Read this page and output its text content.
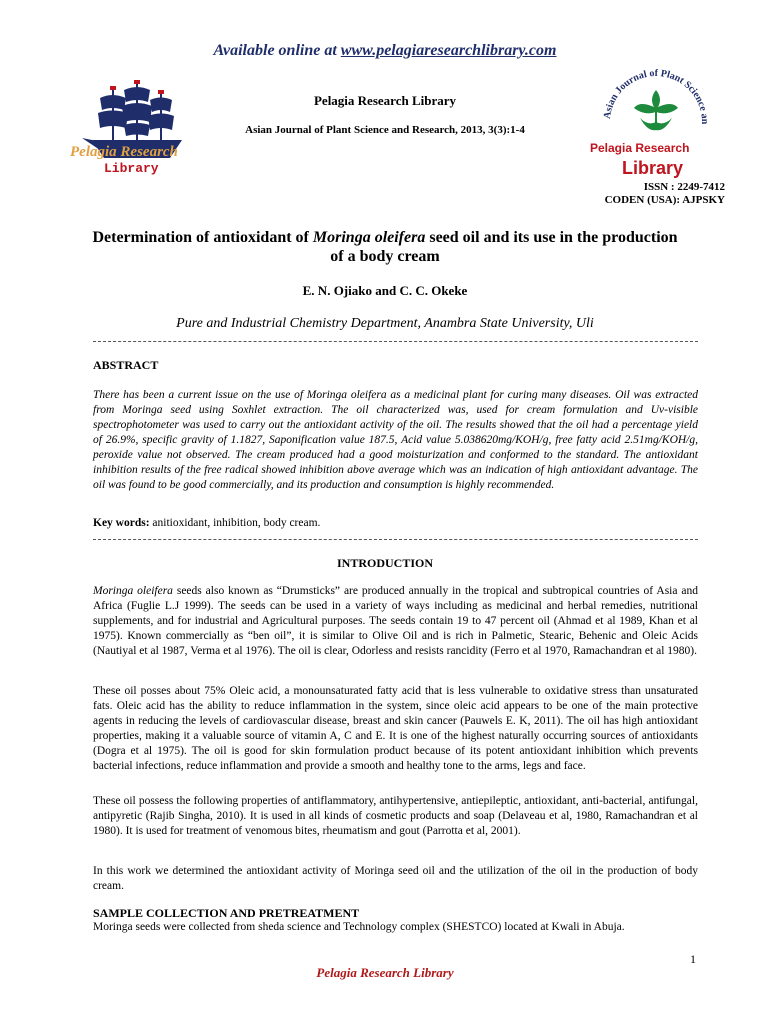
Available online at www.pelagiaresearchlibrary.com
Pelagia Research
Library
Pelagia Research Library
Asian Journal of Plant Science and Research, 2013, 3(3):1-4
Asian Journal of Plant Science an
Pelagia Research
Library
ISSN : 2249-7412
CODEN (USA): AJPSKY
Determination of antioxidant of Moringa oleifera seed oil and its use in the production of a body cream
E. N. Ojiako and C. C. Okeke
Pure and Industrial Chemistry Department, Anambra State University, Uli
ABSTRACT
There has been a current issue on the use of Moringa oleifera as a medicinal plant for curing many diseases. Oil was extracted from Moringa seed using Soxhlet extraction. The oil characterized was, used for cream formulation and Uv-visible spectrophotometer was used to carry out the antioxidant activity of the oil. The results showed that the oil had a percentage yield of 26.9%, specific gravity of 1.1827, Saponification value 187.5, Acid value 5.038620mg/KOH/g, free fatty acid 2.51mg/KOH/g, peroxide value not observed. The cream produced had a good moisturization and conformed to the standard. The antioxidant inhibition results of the free radical showed inhibition above average which was an indication of high antioxidant advantage. The oil was found to be good commercially, and its production and consumption is highly recommended.
Key words: anitioxidant, inhibition, body cream.
INTRODUCTION
Moringa oleifera seeds also known as “Drumsticks” are produced annually in the tropical and subtropical countries of Asia and Africa (Fuglie L.J 1999). The seeds can be used in a variety of ways including as medicinal and herbal remedies, nutritional supplements, and for industrial and Agricultural purposes. The seeds contain 19 to 47 percent oil (Ahmad et al 1989, Khan et al 1975). Known commercially as “ben oil”, it is similar to Olive Oil and is rich in Palmetic, Stearic, Behenic and Oleic Acids (Nautiyal et al 1987, Verma et al 1976). The oil is clear, Odorless and resists rancidity (Ferro et al 1970, Ramachandran et al 1980).
These oil posses about 75% Oleic acid, a monounsaturated fatty acid that is less vulnerable to oxidative stress than unsaturated fats. Oleic acid has the ability to reduce inflammation in the system, since oleic acid appears to be one of the main protective agents in reducing the levels of cardiovascular disease, breast and skin cancer (Pauwels E. K, 2011). The oil has high antioxidant properties, making it a valuable source of vitamin A, C and E. It is one of the highest naturally occurring sources of antioxidants (Dogra et al 1975). The oil is good for skin formulation product because of its potent antioxidant inhibition which prevents bacterial infections, reduce inflammation and provide a smooth and healthy tone to the arms, legs and face.
These oil possess the following properties of antiflammatory, antihypertensive, antiepileptic, antioxidant, anti-bacterial, antifungal, antipyretic (Rajib Singha, 2010). It is used in all kinds of cosmetic products and soap (Delaveau et al, 1980, Ramachandran et al 1980). It is used for treatment of venomous bites, rheumatism and gout (Parrotta et al, 2001).
In this work we determined the antioxidant activity of Moringa seed oil and the utilization of the oil in the production of body cream.
SAMPLE COLLECTION AND PRETREATMENT
Moringa seeds were collected from sheda science and Technology complex (SHESTCO) located at Kwali in Abuja.
1
Pelagia Research Library
